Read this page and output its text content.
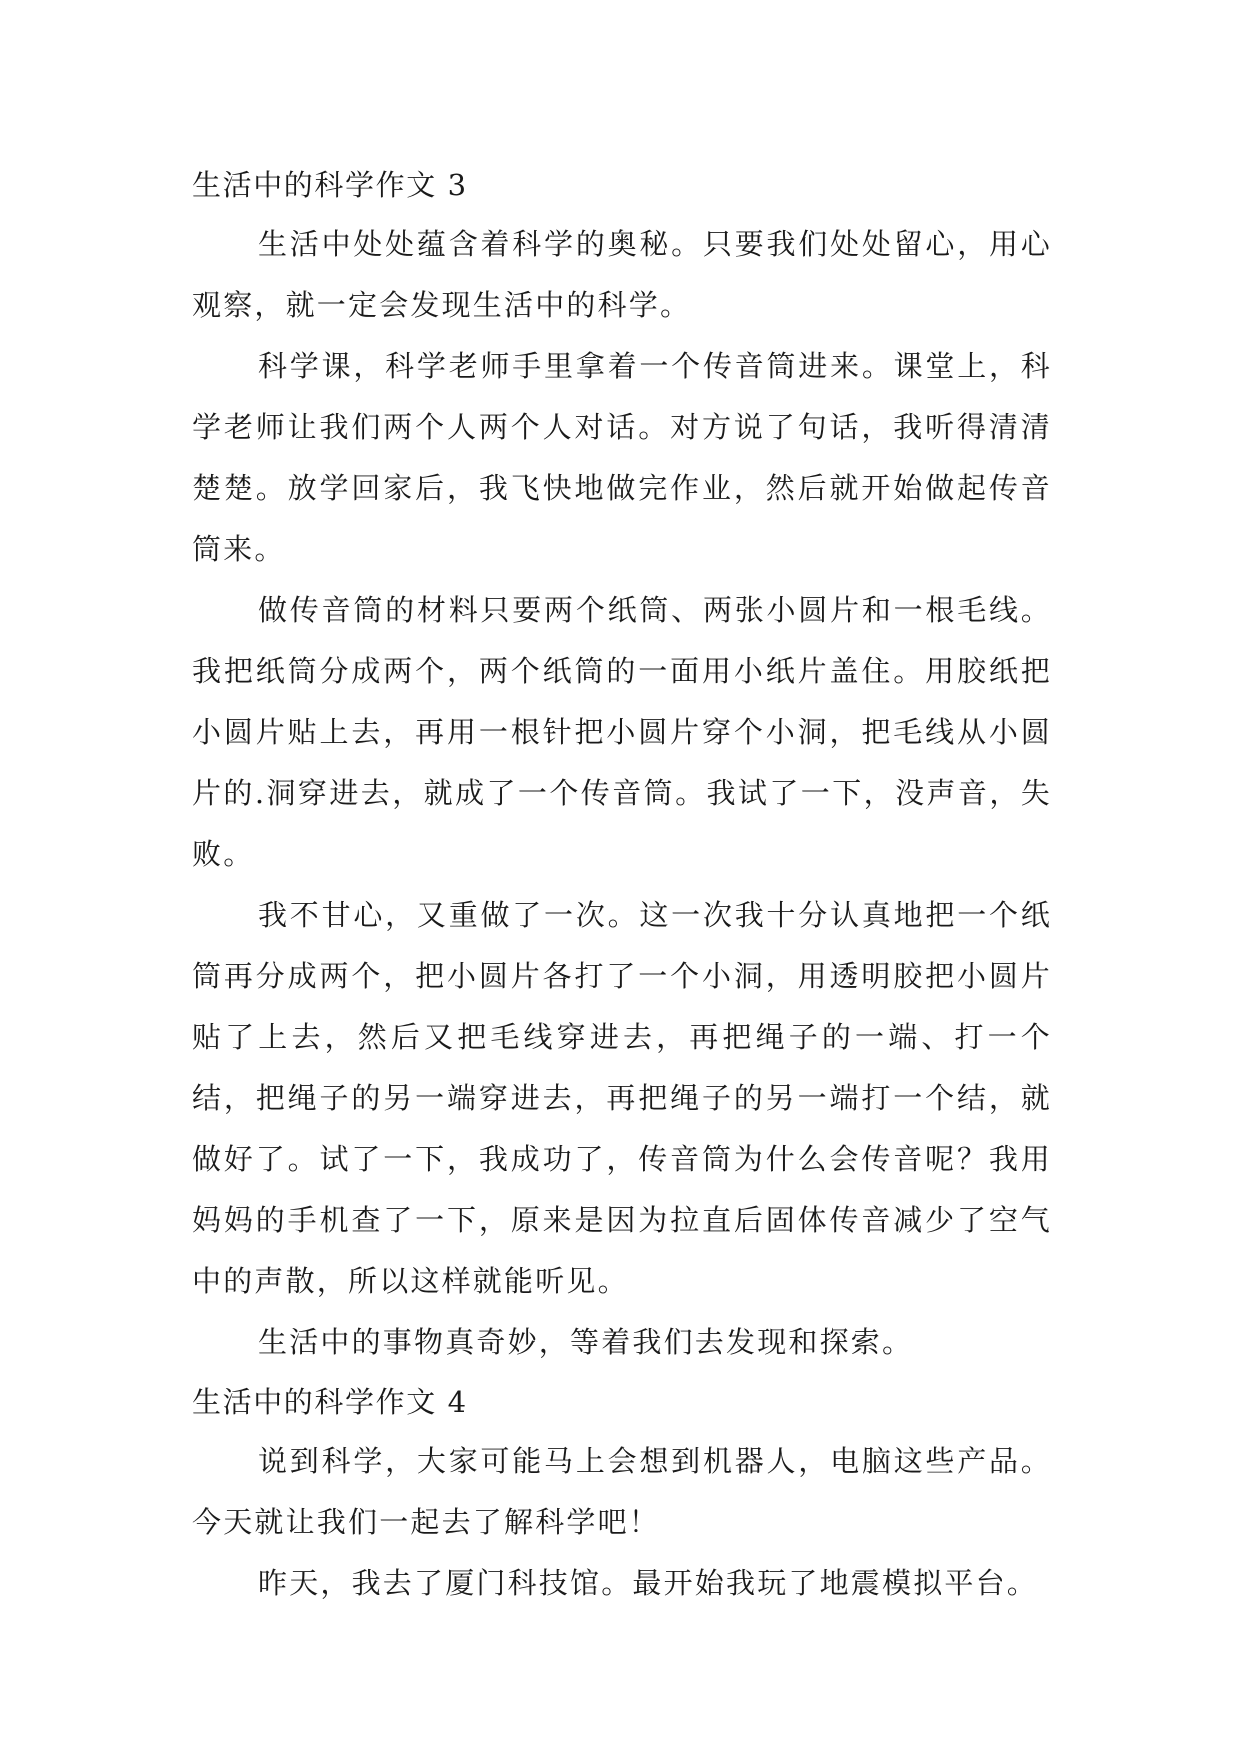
生活中的科学作文 3

生活中处处蕴含着科学的奥秘。只要我们处处留心，用心观察，就一定会发现生活中的科学。

科学课，科学老师手里拿着一个传音筒进来。课堂上，科学老师让我们两个人两个人对话。对方说了句话，我听得清清楚楚。放学回家后，我飞快地做完作业，然后就开始做起传音筒来。

做传音筒的材料只要两个纸筒、两张小圆片和一根毛线。我把纸筒分成两个，两个纸筒的一面用小纸片盖住。用胶纸把小圆片贴上去，再用一根针把小圆片穿个小洞，把毛线从小圆片的.洞穿进去，就成了一个传音筒。我试了一下，没声音，失败。

我不甘心，又重做了一次。这一次我十分认真地把一个纸筒再分成两个，把小圆片各打了一个小洞，用透明胶把小圆片贴了上去，然后又把毛线穿进去，再把绳子的一端、打一个结，把绳子的另一端穿进去，再把绳子的另一端打一个结，就做好了。试了一下，我成功了，传音筒为什么会传音呢？我用妈妈的手机查了一下，原来是因为拉直后固体传音减少了空气中的声散，所以这样就能听见。

生活中的事物真奇妙，等着我们去发现和探索。

生活中的科学作文 4

说到科学，大家可能马上会想到机器人，电脑这些产品。今天就让我们一起去了解科学吧！

昨天，我去了厦门科技馆。最开始我玩了地震模拟平台。
